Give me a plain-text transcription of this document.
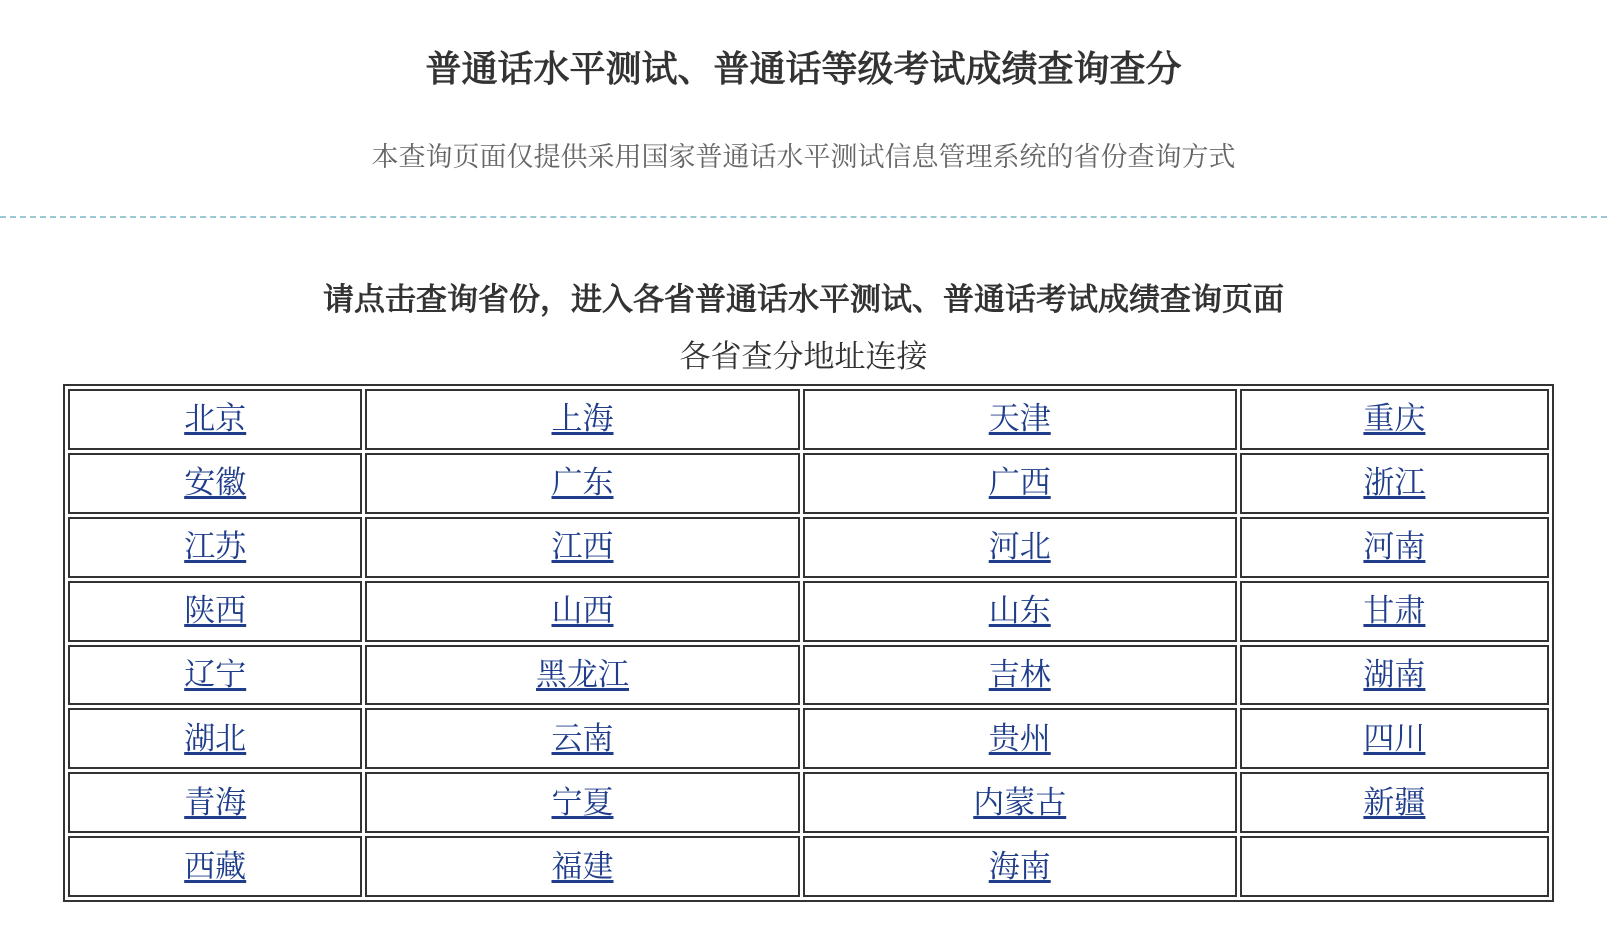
普通话水平测试、普通话等级考试成绩查询查分

本查询页面仅提供采用国家普通话水平测试信息管理系统的省份查询方式

请点击查询省份，进入各省普通话水平测试、普通话考试成绩查询页面
各省查分地址连接
北京	上海	天津	重庆
安徽	广东	广西	浙江
江苏	江西	河北	河南
陕西	山西	山东	甘肃
辽宁	黑龙江	吉林	湖南
湖北	云南	贵州	四川
青海	宁夏	内蒙古	新疆
西藏	福建	海南	
